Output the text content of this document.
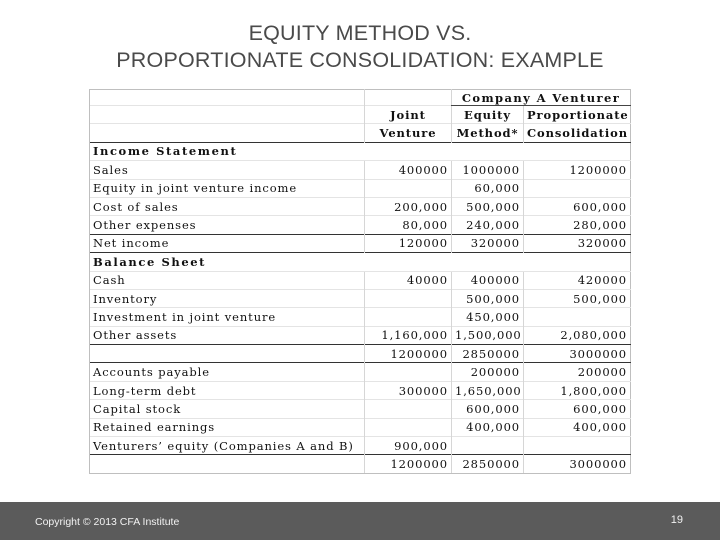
EQUITY METHOD VS.
PROPORTIONATE CONSOLIDATION: EXAMPLE
		Company A Venturer	
	Joint	Equity	Proportionate
	Venture	Method*	Consolidation
Income Statement			
Sales	400000	1000000	1200000
Equity in joint venture income		60,000	
Cost of sales	200,000	500,000	600,000
Other expenses	80,000	240,000	280,000
Net income	120000	320000	320000
Balance Sheet			
Cash	40000	400000	420000
Inventory		500,000	500,000
Investment in joint venture		450,000	
Other assets	1,160,000	1,500,000	2,080,000
	1200000	2850000	3000000
Accounts payable		200000	200000
Long-term debt	300000	1,650,000	1,800,000
Capital stock		600,000	600,000
Retained earnings		400,000	400,000
Venturers’ equity (Companies A and B)	900,000		
	1200000	2850000	3000000
Copyright © 2013 CFA Institute	19
